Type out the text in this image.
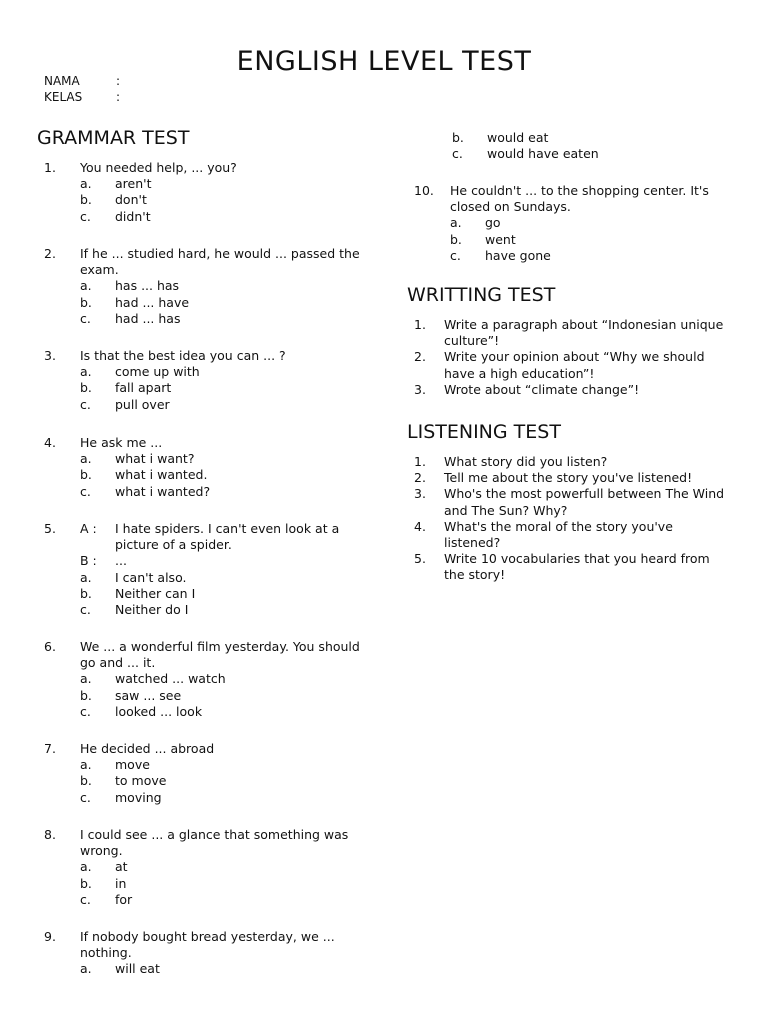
ENGLISH LEVEL TEST
NAMA	:
KELAS	:
GRAMMAR TEST
1.	You needed help, ... you?
a.	aren't
b.	don't
c.	didn't
2.	If he ... studied hard, he would ... passed the exam.
a.	has ... has
b.	had ... have
c.	had ... has
3.	Is that the best idea you can ... ?
a.	come up with
b.	fall apart
c.	pull over
4.	He ask me ...
a.	what i want?
b.	what i wanted.
c.	what i wanted?
5.	A :	I hate spiders. I can't even look at a picture of a spider.
B :	...
a.	I can't also.
b.	Neither can I
c.	Neither do I
6.	We ... a wonderful film yesterday. You should go and ... it.
a.	watched ... watch
b.	saw ... see
c.	looked ... look
7.	He decided ... abroad
a.	move
b.	to move
c.	moving
8.	I could see ... a glance that something was wrong.
a.	at
b.	in
c.	for
9.	If nobody bought bread yesterday, we ... nothing.
a.	will eat
b.	would eat
c.	would have eaten
10.	He couldn't ... to the shopping center. It's closed on Sundays.
a.	go
b.	went
c.	have gone
WRITTING TEST
1.	Write a paragraph about “Indonesian unique culture”!
2.	Write your opinion about “Why we should have a high education”!
3.	Wrote about “climate change”!
LISTENING TEST
1.	What story did you listen?
2.	Tell me about the story you've listened!
3.	Who's the most powerfull between The Wind and The Sun? Why?
4.	What's the moral of the story you've listened?
5.	Write 10 vocabularies that you heard from the story!
